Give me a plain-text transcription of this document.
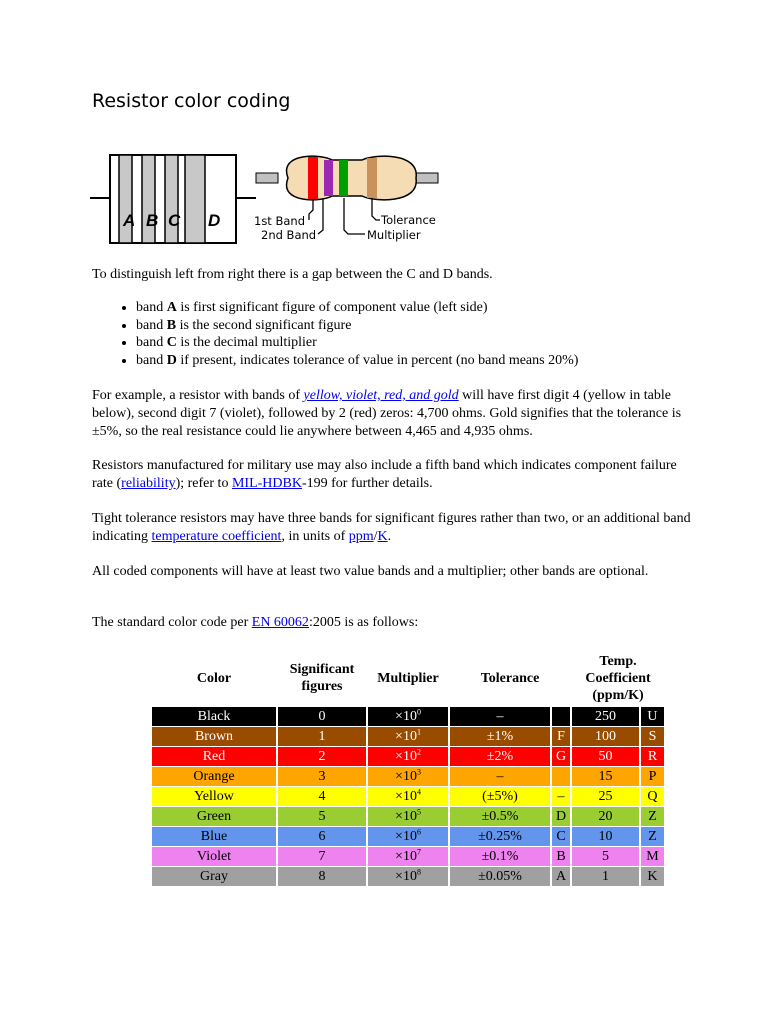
Resistor color coding
A B C D	1st Band
2nd Band
Tolerance
Multiplier

To distinguish left from right there is a gap between the C and D bands.

• band A is first significant figure of component value (left side)
• band B is the second significant figure
• band C is the decimal multiplier
• band D if present, indicates tolerance of value in percent (no band means 20%)

For example, a resistor with bands of yellow, violet, red, and gold will have first digit 4 (yellow in table below), second digit 7 (violet), followed by 2 (red) zeros: 4,700 ohms. Gold signifies that the tolerance is ±5%, so the real resistance could lie anywhere between 4,465 and 4,935 ohms.

Resistors manufactured for military use may also include a fifth band which indicates component failure rate (reliability); refer to MIL-HDBK-199 for further details.

Tight tolerance resistors may have three bands for significant figures rather than two, or an additional band indicating temperature coefficient, in units of ppm/K.

All coded components will have at least two value bands and a multiplier; other bands are optional.

The standard color code per EN 60062:2005 is as follows:

Color	Significant figures	Multiplier	Tolerance		Temp. Coefficient (ppm/K)	
Black	0	$\times 10^0$	–		250	U
Brown	1	$\times 10^1$	±1%	F	100	S
Red	2	$\times 10^2$	±2%	G	50	R
Orange	3	$\times 10^3$	–		15	P
Yellow	4	$\times 10^4$	(±5%)	–	25	Q
Green	5	$\times 10^5$	±0.5%	D	20	Z
Blue	6	$\times 10^6$	±0.25%	C	10	Z
Violet	7	$\times 10^7$	±0.1%	B	5	M
Gray	8	$\times 10^8$	±0.05%	A	1	K
